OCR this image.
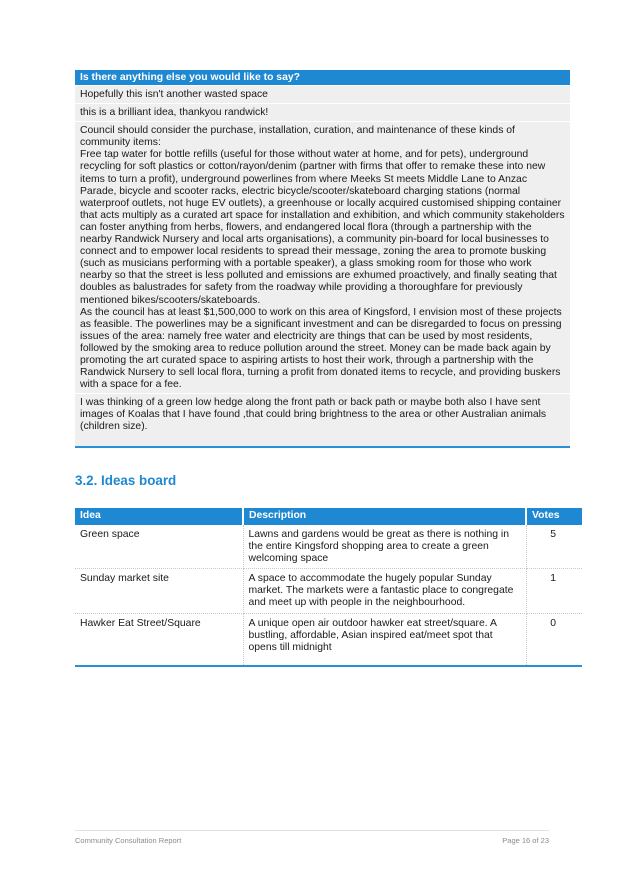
Is there anything else you would like to say?
Hopefully this isn't another wasted space
this is a brilliant idea, thankyou randwick!
Council should consider the purchase, installation, curation, and maintenance of these kinds of community items:
Free tap water for bottle refills (useful for those without water at home, and for pets), underground recycling for soft plastics or cotton/rayon/denim (partner with firms that offer to remake these into new items to turn a profit), underground powerlines from where Meeks St meets Middle Lane to Anzac Parade, bicycle and scooter racks, electric bicycle/scooter/skateboard charging stations (normal waterproof outlets, not huge EV outlets), a greenhouse or locally acquired customised shipping container that acts multiply as a curated art space for installation and exhibition, and which community stakeholders can foster anything from herbs, flowers, and endangered local flora (through a partnership with the nearby Randwick Nursery and local arts organisations), a community pin-board for local businesses to connect and to empower local residents to spread their message, zoning the area to promote busking (such as musicians performing with a portable speaker), a glass smoking room for those who work nearby so that the street is less polluted and emissions are exhumed proactively, and finally seating that doubles as balustrades for safety from the roadway while providing a thoroughfare for previously mentioned bikes/scooters/skateboards.
As the council has at least $1,500,000 to work on this area of Kingsford, I envision most of these projects as feasible. The powerlines may be a significant investment and can be disregarded to focus on pressing issues of the area: namely free water and electricity are things that can be used by most residents, followed by the smoking area to reduce pollution around the street. Money can be made back again by promoting the art curated space to aspiring artists to host their work, through a partnership with the Randwick Nursery to sell local flora, turning a profit from donated items to recycle, and providing buskers with a space for a fee.
I was thinking of a green low hedge along the front path or back path or maybe both also I have sent images of Koalas that I have found ,that could bring brightness to the area or other Australian animals (children size).
3.2. Ideas board
Idea	Description	Votes
Green space	Lawns and gardens would be great as there is nothing in the entire Kingsford shopping area to create a green welcoming space	5
Sunday market site	A space to accommodate the hugely popular Sunday market. The markets were a fantastic place to congregate and meet up with people in the neighbourhood.	1
Hawker Eat Street/Square	A unique open air outdoor hawker eat street/square. A bustling, affordable, Asian inspired eat/meet spot that opens till midnight	0
Community Consultation Report	Page 16 of 23
